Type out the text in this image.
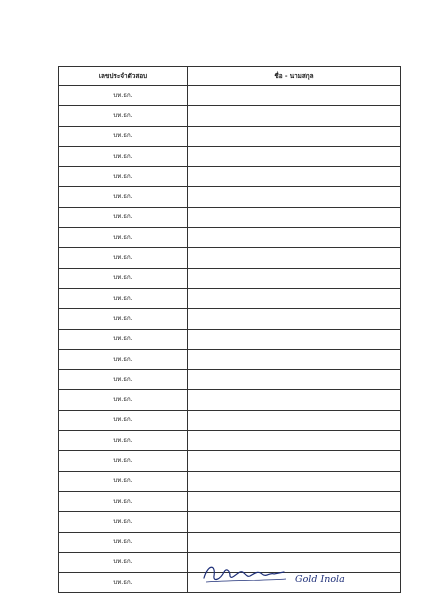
เลขประจำตัวสอบ	ชื่อ - นามสกุล
บท.ธก.	

บท.ธก.	

บท.ธก.	

บท.ธก.	

บท.ธก.	

บท.ธก.	

บท.ธก.	

บท.ธก.	

บท.ธก.	

บท.ธก.	

บท.ธก.	

บท.ธก.	

บท.ธก.	

บท.ธก.	

บท.ธก.	

บท.ธก.	

บท.ธก.	

บท.ธก.	

บท.ธก.	

บท.ธก.	

บท.ธก.	

บท.ธก.	

บท.ธก.	

บท.ธก.	

บท.ธก.		Gold Inola
